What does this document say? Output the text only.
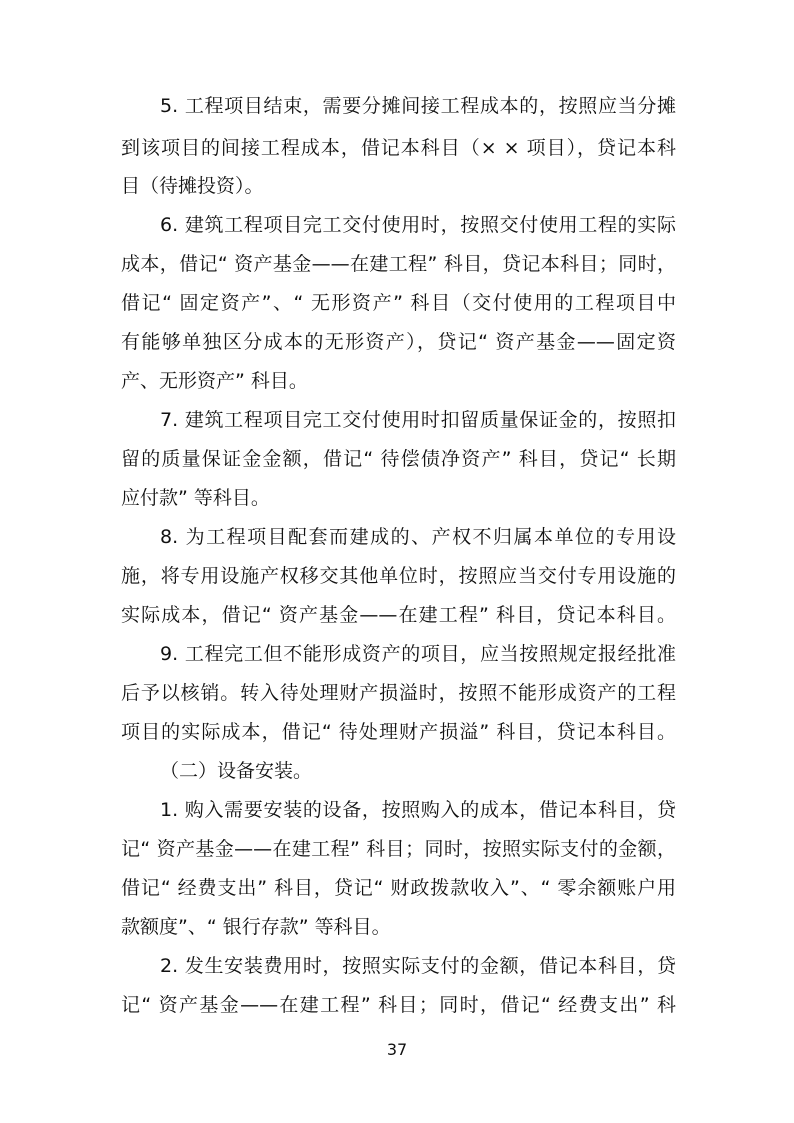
5. 工程项目结束，需要分摊间接工程成本的，按照应当分摊
到该项目的间接工程成本，借记本科目（× × 项目），贷记本科
目（待摊投资）。
6. 建筑工程项目完工交付使用时，按照交付使用工程的实际
成本，借记“ 资产基金——在建工程” 科目，贷记本科目；同时，
借记“ 固定资产”、“ 无形资产” 科目（交付使用的工程项目中
有能够单独区分成本的无形资产），贷记“ 资产基金——固定资
产、无形资产” 科目。
7. 建筑工程项目完工交付使用时扣留质量保证金的，按照扣
留的质量保证金金额，借记“ 待偿债净资产” 科目，贷记“ 长期
应付款” 等科目。
8. 为工程项目配套而建成的、产权不归属本单位的专用设
施，将专用设施产权移交其他单位时，按照应当交付专用设施的
实际成本，借记“ 资产基金——在建工程” 科目，贷记本科目。
9. 工程完工但不能形成资产的项目，应当按照规定报经批准
后予以核销。转入待处理财产损溢时，按照不能形成资产的工程
项目的实际成本，借记“ 待处理财产损溢” 科目，贷记本科目。
（二）设备安装。
1. 购入需要安装的设备，按照购入的成本，借记本科目，贷
记“ 资产基金——在建工程” 科目；同时，按照实际支付的金额，
借记“ 经费支出” 科目，贷记“ 财政拨款收入”、“ 零余额账户用
款额度”、“ 银行存款” 等科目。
2. 发生安装费用时，按照实际支付的金额，借记本科目，贷
记“ 资产基金——在建工程” 科目；同时，借记“ 经费支出” 科
37
